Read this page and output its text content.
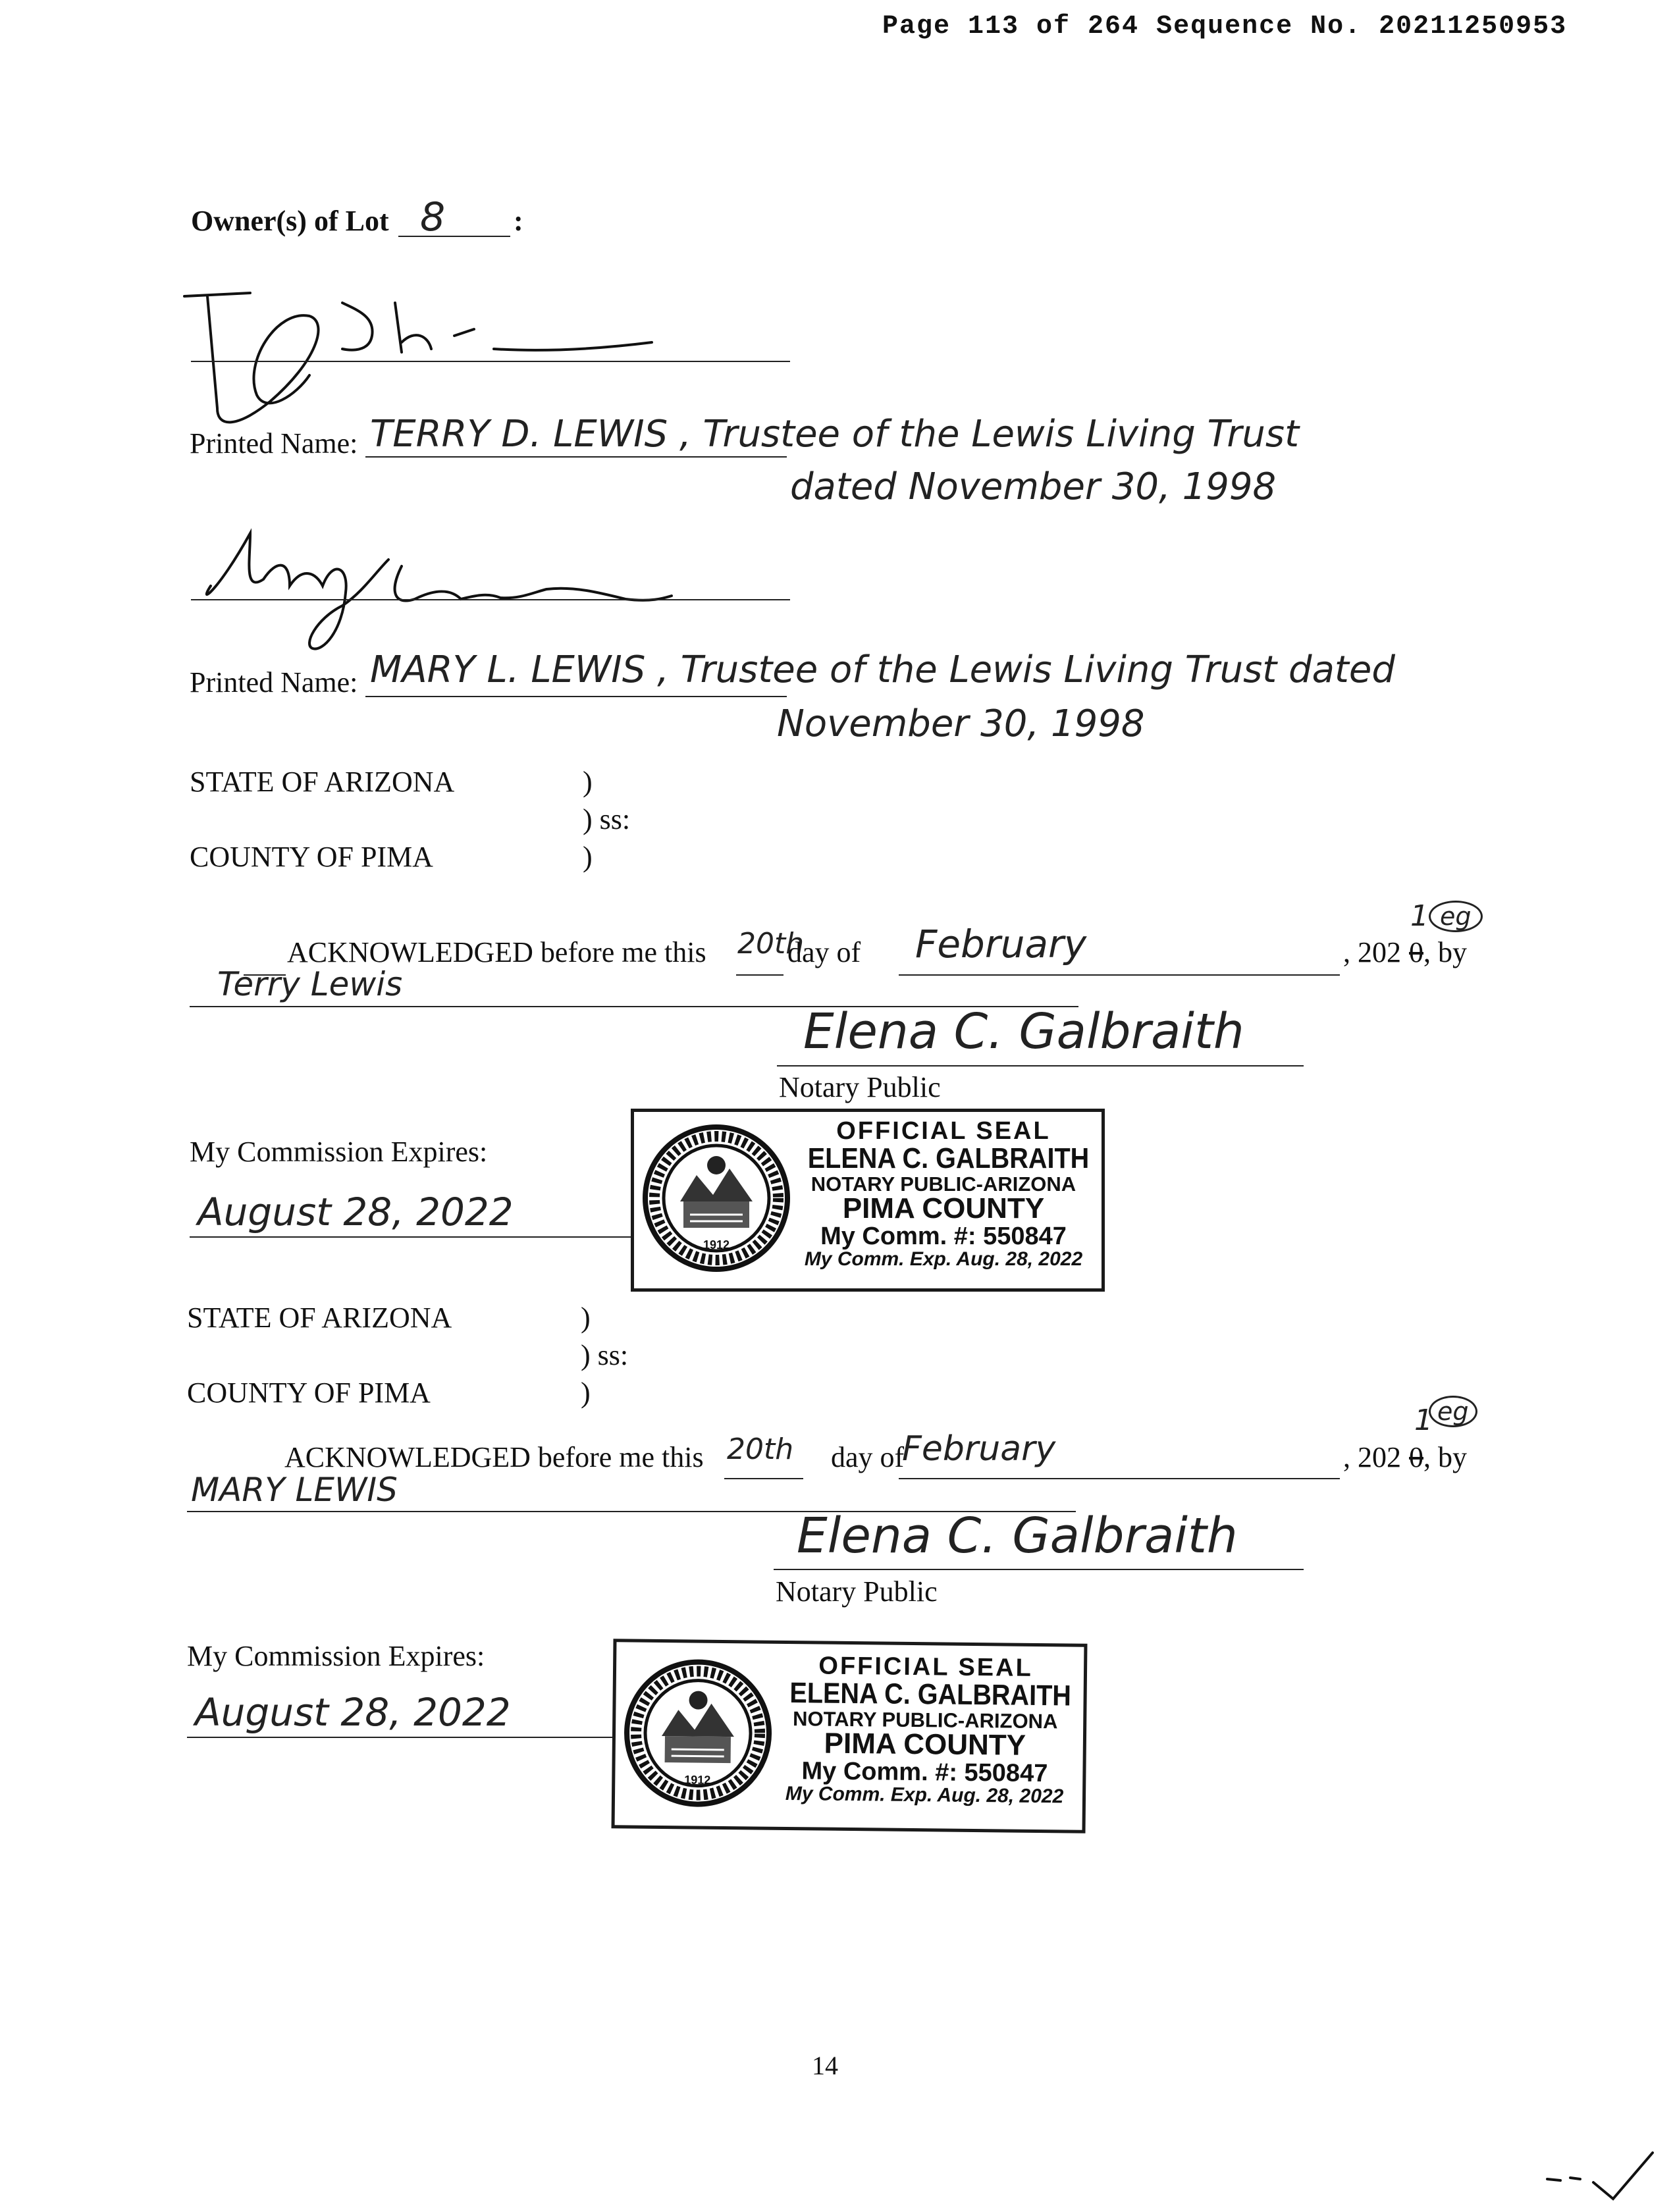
Page 113 of 264 Sequence No. 20211250953
Owner(s) of Lot 8 :
Printed Name: TERRY D. LEWIS , Trustee of the Lewis Living Trust
dated November 30, 1998
Printed Name: MARY L. LEWIS , Trustee of the Lewis Living Trust dated
November 30, 1998
STATE OF ARIZONA	)
) ss:
COUNTY OF PIMA	)
ACKNOWLEDGED before me this 20th
day of February	, 202 0
1 eg
, by
Terry Lewis
Elena C. Galbraith
Notary Public
My Commission Expires:
August 28, 2022
1912
OFFICIAL SEAL
ELENA C. GALBRAITH
NOTARY PUBLIC-ARIZONA
PIMA COUNTY
My Comm. #: 550847
My Comm. Exp. Aug. 28, 2022
STATE OF ARIZONA	)
) ss:
COUNTY OF PIMA	)
ACKNOWLEDGED before me this 20th day of
February	, 202 0
1 eg
, by
MARY LEWIS
Elena C. Galbraith
Notary Public
My Commission Expires:
August 28, 2022
1912
OFFICIAL SEAL
ELENA C. GALBRAITH
NOTARY PUBLIC-ARIZONA
PIMA COUNTY
My Comm. #: 550847
My Comm. Exp. Aug. 28, 2022
14
